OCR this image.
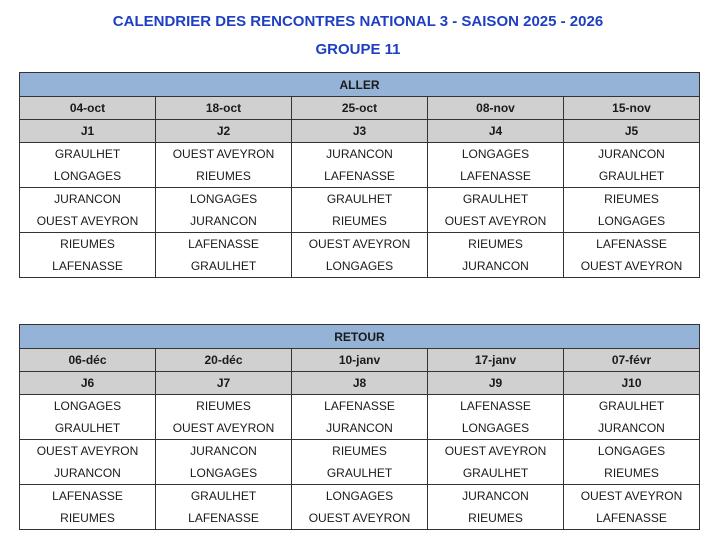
CALENDRIER DES RENCONTRES NATIONAL 3 - SAISON 2025 - 2026
GROUPE 11
ALLER				
04-oct	18-oct	25-oct	08-nov	15-nov
J1	J2	J3	J4	J5
GRAULHET	OUEST AVEYRON	JURANCON	LONGAGES	JURANCON
LONGAGES	RIEUMES	LAFENASSE	LAFENASSE	GRAULHET
JURANCON	LONGAGES	GRAULHET	GRAULHET	RIEUMES
OUEST AVEYRON	JURANCON	RIEUMES	OUEST AVEYRON	LONGAGES
RIEUMES	LAFENASSE	OUEST AVEYRON	RIEUMES	LAFENASSE
LAFENASSE	GRAULHET	LONGAGES	JURANCON	OUEST AVEYRON
RETOUR				
06-déc	20-déc	10-janv	17-janv	07-févr
J6	J7	J8	J9	J10
LONGAGES	RIEUMES	LAFENASSE	LAFENASSE	GRAULHET
GRAULHET	OUEST AVEYRON	JURANCON	LONGAGES	JURANCON
OUEST AVEYRON	JURANCON	RIEUMES	OUEST AVEYRON	LONGAGES
JURANCON	LONGAGES	GRAULHET	GRAULHET	RIEUMES
LAFENASSE	GRAULHET	LONGAGES	JURANCON	OUEST AVEYRON
RIEUMES	LAFENASSE	OUEST AVEYRON	RIEUMES	LAFENASSE
